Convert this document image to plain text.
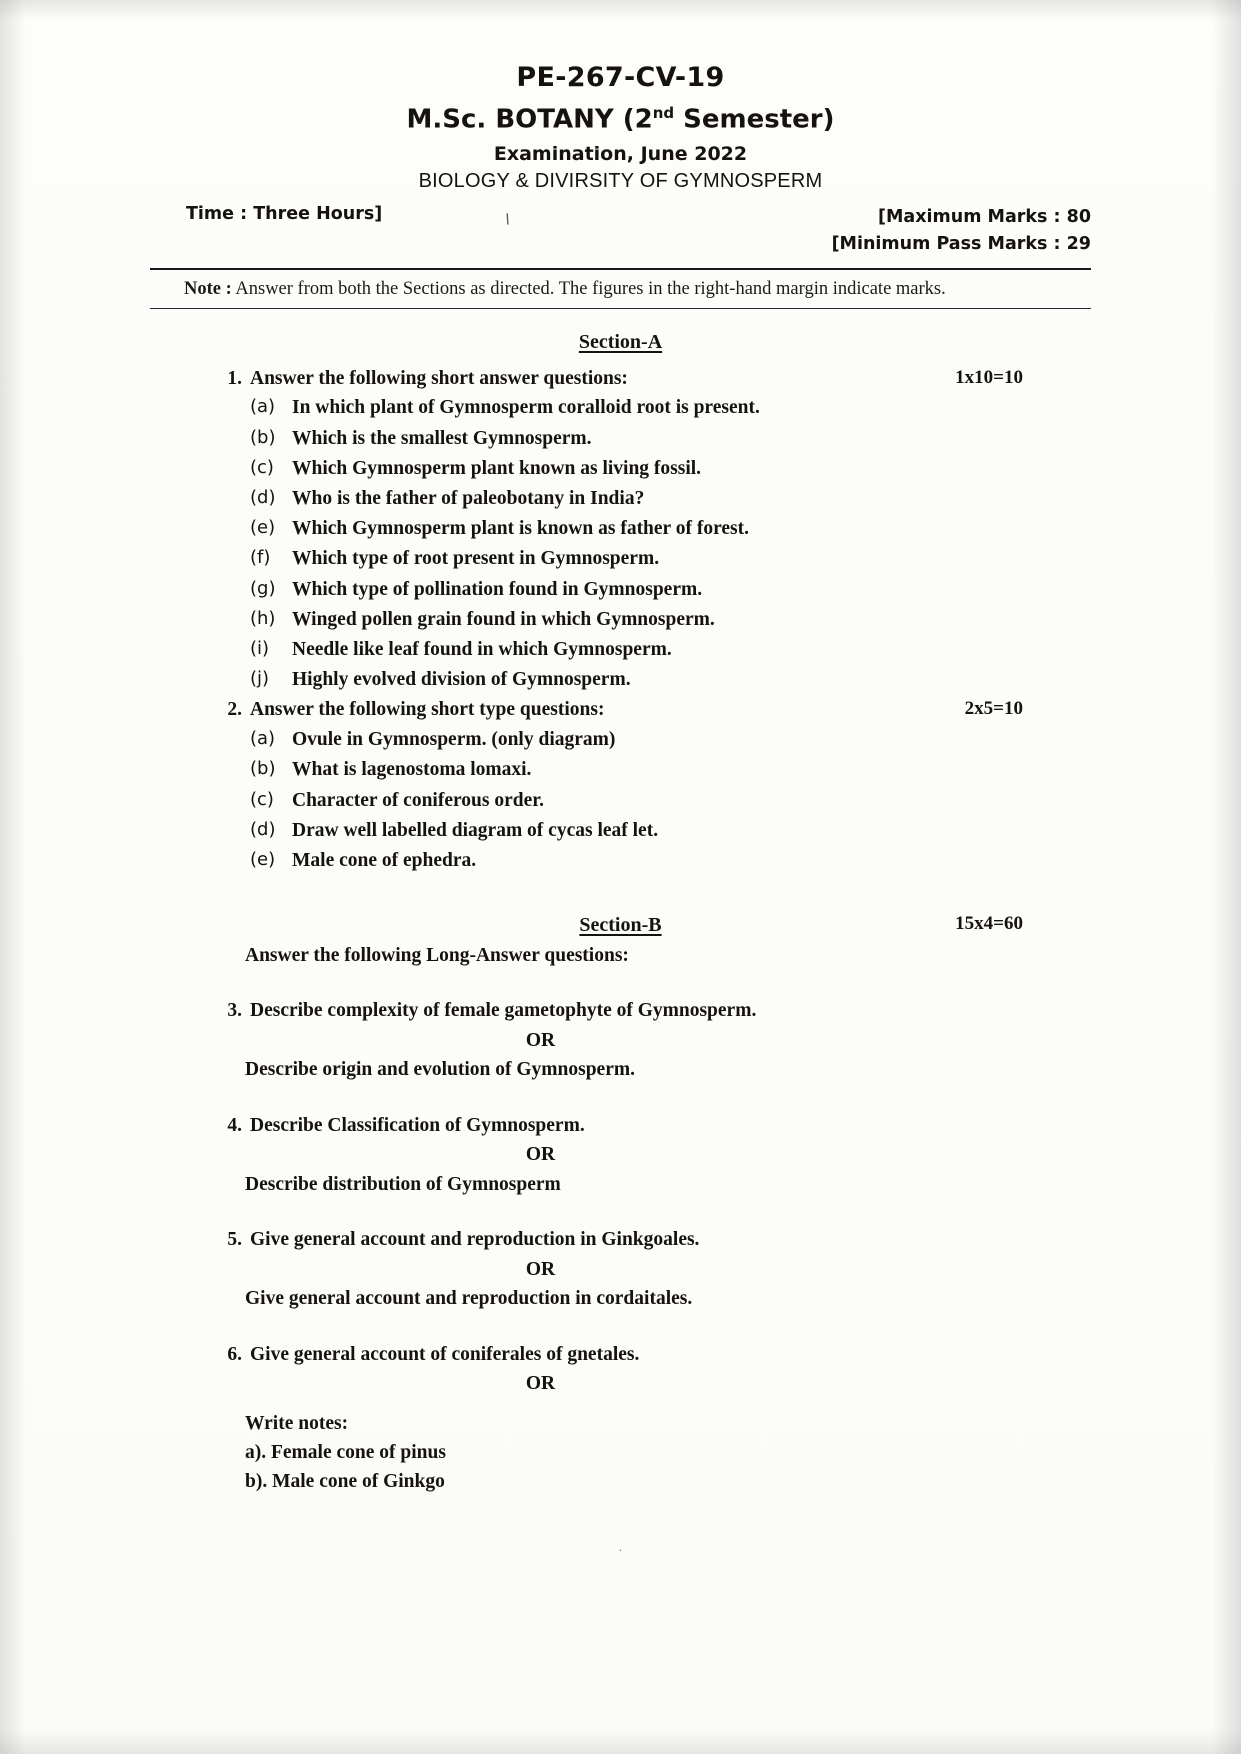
PE-267-CV-19
M.Sc. BOTANY (2nd Semester)
Examination, June 2022
BIOLOGY & DIVIRSITY OF GYMNOSPERM
Time : Three Hours]	\	[Maximum Marks : 80
[Minimum Pass Marks : 29
Note : Answer from both the Sections as directed. The figures in the right-hand margin indicate marks.
Section-A
1. Answer the following short answer questions:	1x10=10
(a) In which plant of Gymnosperm coralloid root is present.
(b) Which is the smallest Gymnosperm.
(c) Which Gymnosperm plant known as living fossil.
(d) Who is the father of paleobotany in India?
(e) Which Gymnosperm plant is known as father of forest.
(f)	Which type of root present in Gymnosperm.
(g) Which type of pollination found in Gymnosperm.
(h) Winged pollen grain found in which Gymnosperm.
(i)	Needle like leaf found in which Gymnosperm.
(j)	Highly evolved division of Gymnosperm.
2. Answer the following short type questions:	2x5=10
(a) Ovule in Gymnosperm. (only diagram)
(b) What is lagenostoma lomaxi.
(c) Character of coniferous order.
(d) Draw well labelled diagram of cycas leaf let.
(e) Male cone of ephedra.
Section-B	15x4=60
Answer the following Long-Answer questions:
3. Describe complexity of female gametophyte of Gymnosperm.
OR
Describe origin and evolution of Gymnosperm.
4. Describe Classification of Gymnosperm.
OR
Describe distribution of Gymnosperm
5. Give general account and reproduction in Ginkgoales.
OR
Give general account and reproduction in cordaitales.
6. Give general account of coniferales of gnetales.
OR
Write notes:
a). Female cone of pinus
b). Male cone of Ginkgo
.
